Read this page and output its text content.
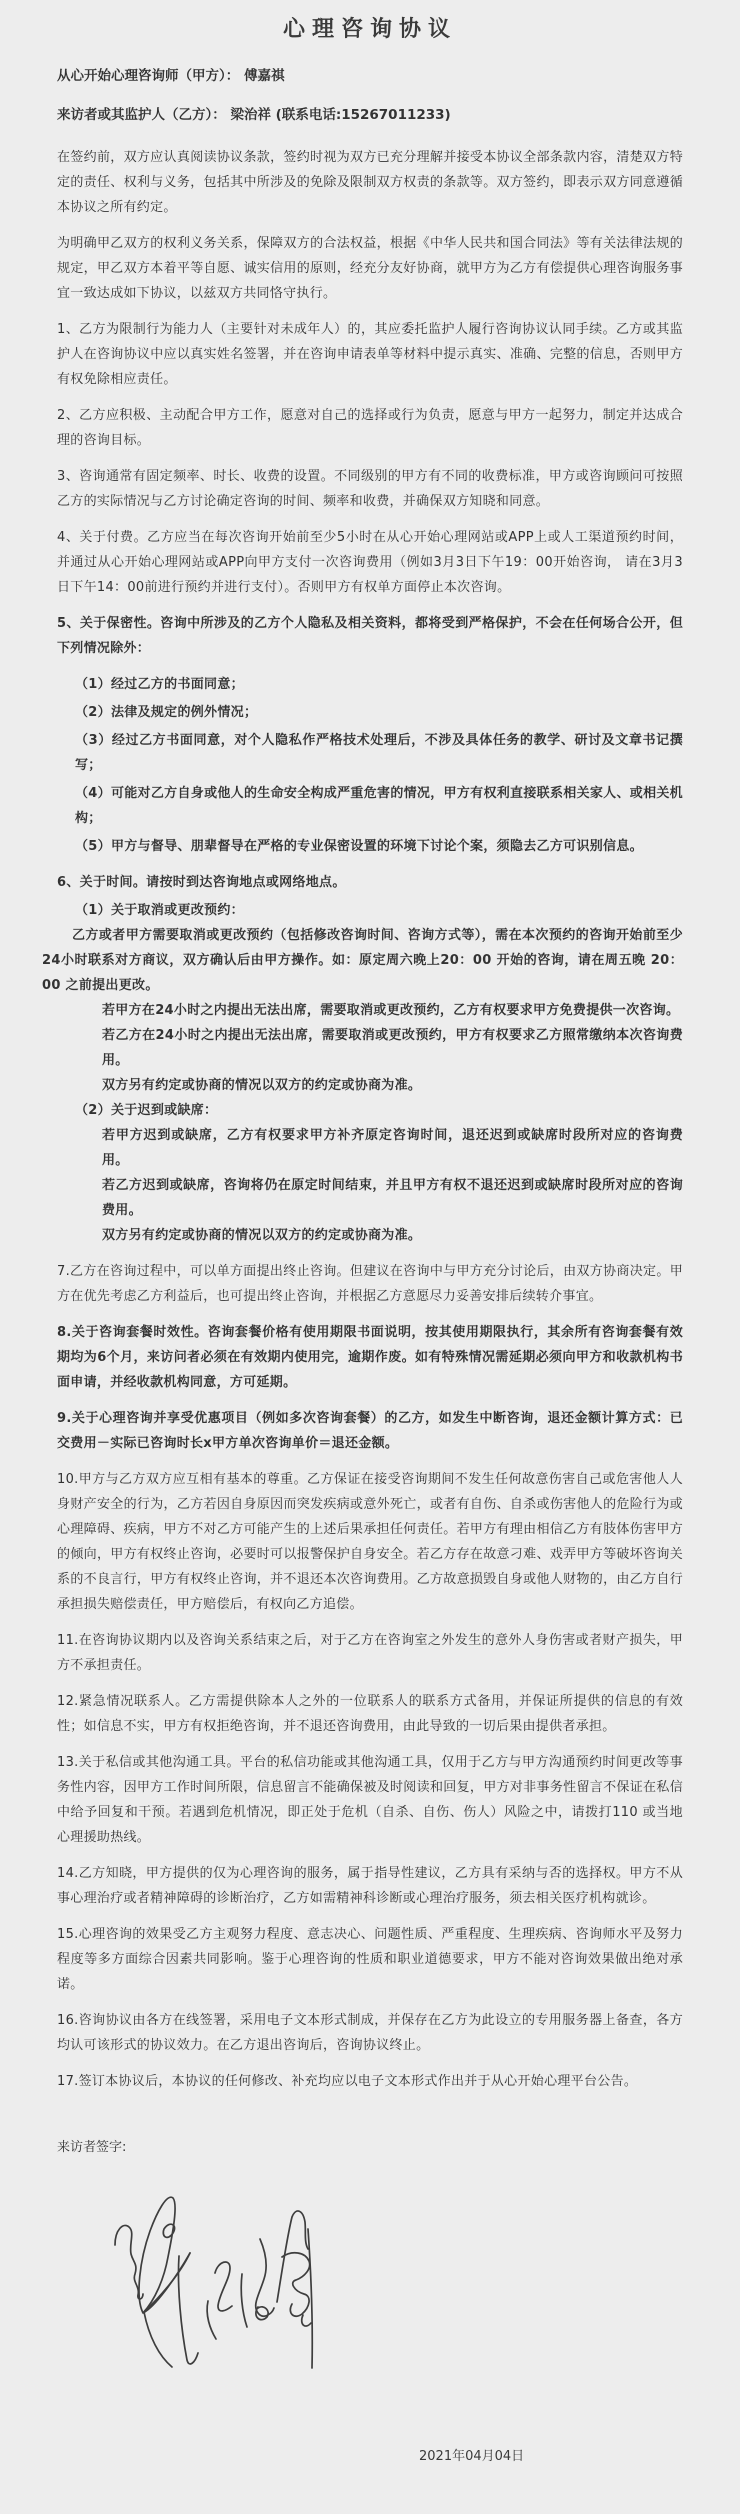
心理咨询协议

从心开始心理咨询师（甲方）： 傅嘉祺

来访者或其监护人（乙方）： 梁治祥 (联系电话:15267011233)

在签约前，双方应认真阅读协议条款，签约时视为双方已充分理解并接受本协议全部条款内容，清楚双方特定的责任、权利与义务，包括其中所涉及的免除及限制双方权责的条款等。双方签约，即表示双方同意遵循本协议之所有约定。

为明确甲乙双方的权利义务关系，保障双方的合法权益，根据《中华人民共和国合同法》等有关法律法规的规定，甲乙双方本着平等自愿、诚实信用的原则，经充分友好协商，就甲方为乙方有偿提供心理咨询服务事宜一致达成如下协议，以兹双方共同恪守执行。

1、乙方为限制行为能力人（主要针对未成年人）的，其应委托监护人履行咨询协议认同手续。乙方或其监护人在咨询协议中应以真实姓名签署，并在咨询申请表单等材料中提示真实、准确、完整的信息，否则甲方有权免除相应责任。

2、乙方应积极、主动配合甲方工作，愿意对自己的选择或行为负责，愿意与甲方一起努力，制定并达成合理的咨询目标。

3、咨询通常有固定频率、时长、收费的设置。不同级别的甲方有不同的收费标准，甲方或咨询顾问可按照乙方的实际情况与乙方讨论确定咨询的时间、频率和收费，并确保双方知晓和同意。

4、关于付费。乙方应当在每次咨询开始前至少5小时在从心开始心理网站或APP上或人工渠道预约时间，并通过从心开始心理网站或APP向甲方支付一次咨询费用（例如3月3日下午19：00开始咨询， 请在3月3日下午14：00前进行预约并进行支付）。否则甲方有权单方面停止本次咨询。

5、关于保密性。咨询中所涉及的乙方个人隐私及相关资料，都将受到严格保护，不会在任何场合公开，但下列情况除外：

（1）经过乙方的书面同意；

（2）法律及规定的例外情况；

（3）经过乙方书面同意，对个人隐私作严格技术处理后，不涉及具体任务的教学、研讨及文章书记撰写；

（4）可能对乙方自身或他人的生命安全构成严重危害的情况，甲方有权利直接联系相关家人、或相关机构；

（5）甲方与督导、朋辈督导在严格的专业保密设置的环境下讨论个案，须隐去乙方可识别信息。

6、关于时间。请按时到达咨询地点或网络地点。

（1）关于取消或更改预约：

乙方或者甲方需要取消或更改预约（包括修改咨询时间、咨询方式等），需在本次预约的咨询开始前至少24小时联系对方商议，双方确认后由甲方操作。如：原定周六晚上20：00 开始的咨询，请在周五晚 20：00 之前提出更改。

若甲方在24小时之内提出无法出席，需要取消或更改预约，乙方有权要求甲方免费提供一次咨询。

若乙方在24小时之内提出无法出席，需要取消或更改预约，甲方有权要求乙方照常缴纳本次咨询费用。

双方另有约定或协商的情况以双方的约定或协商为准。

（2）关于迟到或缺席：

若甲方迟到或缺席，乙方有权要求甲方补齐原定咨询时间，退还迟到或缺席时段所对应的咨询费用。

若乙方迟到或缺席，咨询将仍在原定时间结束，并且甲方有权不退还迟到或缺席时段所对应的咨询费用。

双方另有约定或协商的情况以双方的约定或协商为准。

7.乙方在咨询过程中，可以单方面提出终止咨询。但建议在咨询中与甲方充分讨论后，由双方协商决定。甲方在优先考虑乙方利益后，也可提出终止咨询，并根据乙方意愿尽力妥善安排后续转介事宜。

8.关于咨询套餐时效性。咨询套餐价格有使用期限书面说明，按其使用期限执行，其余所有咨询套餐有效期均为6个月，来访问者必须在有效期内使用完，逾期作废。如有特殊情况需延期必须向甲方和收款机构书面申请，并经收款机构同意，方可延期。

9.关于心理咨询并享受优惠项目（例如多次咨询套餐）的乙方，如发生中断咨询，退还金额计算方式：已交费用－实际已咨询时长x甲方单次咨询单价＝退还金额。

10.甲方与乙方双方应互相有基本的尊重。乙方保证在接受咨询期间不发生任何故意伤害自己或危害他人人身财产安全的行为，乙方若因自身原因而突发疾病或意外死亡，或者有自伤、自杀或伤害他人的危险行为或心理障碍、疾病，甲方不对乙方可能产生的上述后果承担任何责任。若甲方有理由相信乙方有肢体伤害甲方的倾向，甲方有权终止咨询，必要时可以报警保护自身安全。若乙方存在故意刁难、戏弄甲方等破坏咨询关系的不良言行，甲方有权终止咨询，并不退还本次咨询费用。乙方故意损毁自身或他人财物的，由乙方自行承担损失赔偿责任，甲方赔偿后，有权向乙方追偿。

11.在咨询协议期内以及咨询关系结束之后，对于乙方在咨询室之外发生的意外人身伤害或者财产损失，甲方不承担责任。

12.紧急情况联系人。乙方需提供除本人之外的一位联系人的联系方式备用，并保证所提供的信息的有效性；如信息不实，甲方有权拒绝咨询，并不退还咨询费用，由此导致的一切后果由提供者承担。

13.关于私信或其他沟通工具。平台的私信功能或其他沟通工具，仅用于乙方与甲方沟通预约时间更改等事务性内容，因甲方工作时间所限，信息留言不能确保被及时阅读和回复，甲方对非事务性留言不保证在私信中给予回复和干预。若遇到危机情况，即正处于危机（自杀、自伤、伤人）风险之中，请拨打110 或当地心理援助热线。

14.乙方知晓，甲方提供的仅为心理咨询的服务，属于指导性建议，乙方具有采纳与否的选择权。甲方不从事心理治疗或者精神障碍的诊断治疗，乙方如需精神科诊断或心理治疗服务，须去相关医疗机构就诊。

15.心理咨询的效果受乙方主观努力程度、意志决心、问题性质、严重程度、生理疾病、咨询师水平及努力程度等多方面综合因素共同影响。鉴于心理咨询的性质和职业道德要求，甲方不能对咨询效果做出绝对承诺。

16.咨询协议由各方在线签署，采用电子文本形式制成，并保存在乙方为此设立的专用服务器上备查，各方均认可该形式的协议效力。在乙方退出咨询后，咨询协议终止。

17.签订本协议后，本协议的任何修改、补充均应以电子文本形式作出并于从心开始心理平台公告。

来访者签字:

2021年04月04日
